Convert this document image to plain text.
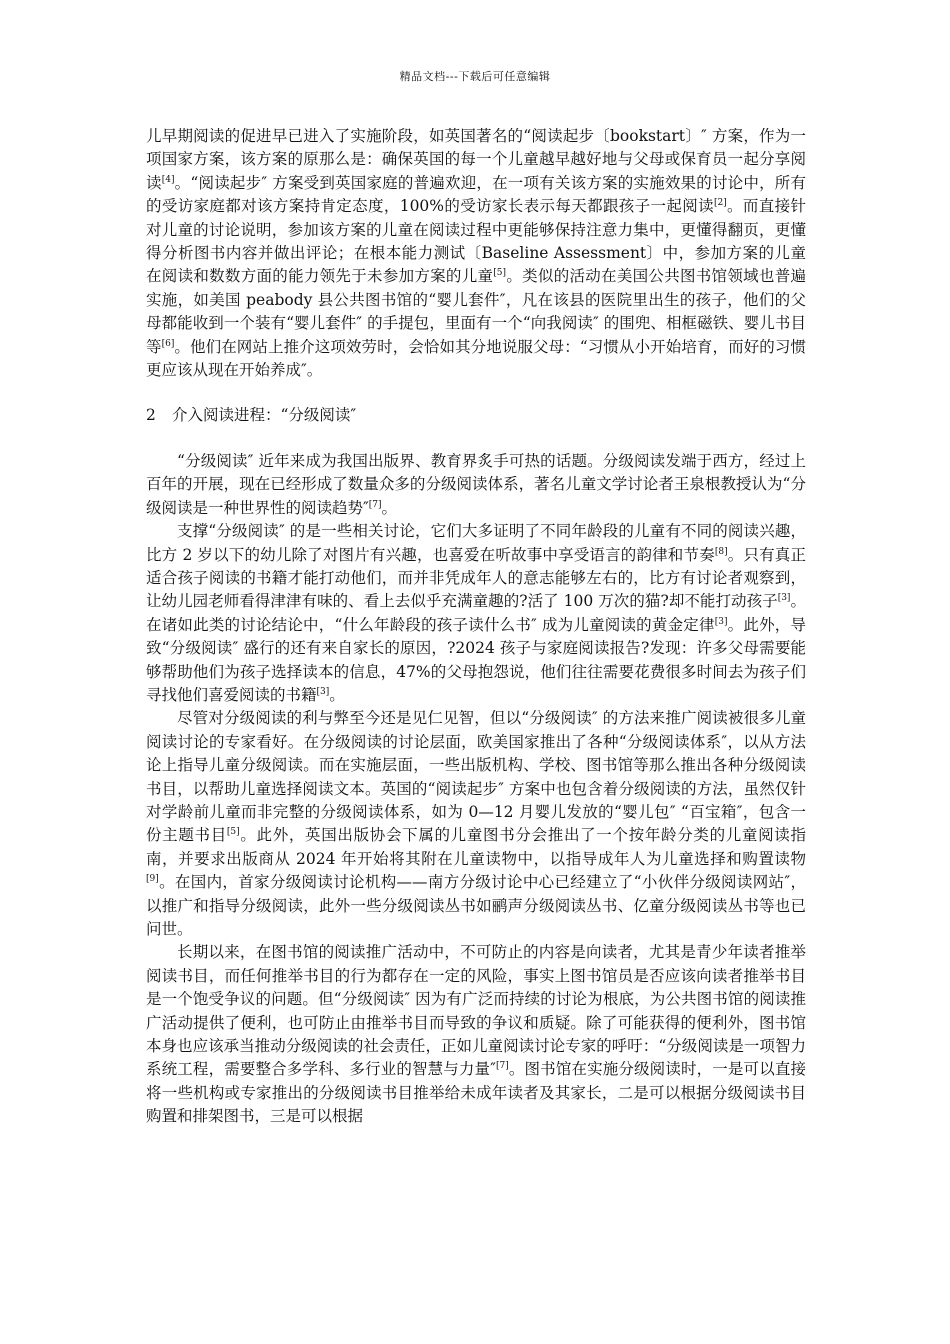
精品文档---下载后可任意编辑

儿早期阅读的促进早已进入了实施阶段，如英国著名的“阅读起步〔bookstart〕″ 方案，作为一项国家方案，该方案的原那么是：确保英国的每一个儿童越早越好地与父母或保育员一起分享阅读[4]。“阅读起步″ 方案受到英国家庭的普遍欢迎，在一项有关该方案的实施效果的讨论中，所有的受访家庭都对该方案持肯定态度，100%的受访家长表示每天都跟孩子一起阅读[2]。而直接针对儿童的讨论说明，参加该方案的儿童在阅读过程中更能够保持注意力集中，更懂得翻页，更懂得分析图书内容并做出评论；在根本能力测试〔Baseline Assessment〕中，参加方案的儿童在阅读和数数方面的能力领先于未参加方案的儿童[5]。类似的活动在美国公共图书馆领域也普遍实施，如美国 peabody 县公共图书馆的“婴儿套件″，凡在该县的医院里出生的孩子，他们的父母都能收到一个装有“婴儿套件″ 的手提包，里面有一个“向我阅读″ 的围兜、相框磁铁、婴儿书目等[6]。他们在网站上推介这项效劳时，会恰如其分地说服父母：“习惯从小开始培育，而好的习惯更应该从现在开始养成″。

2 介入阅读进程：“分级阅读″

“分级阅读″ 近年来成为我国出版界、教育界炙手可热的话题。分级阅读发端于西方，经过上百年的开展，现在已经形成了数量众多的分级阅读体系，著名儿童文学讨论者王泉根教授认为“分级阅读是一种世界性的阅读趋势″[7]。

支撑“分级阅读″ 的是一些相关讨论，它们大多证明了不同年龄段的儿童有不同的阅读兴趣，比方 2 岁以下的幼儿除了对图片有兴趣，也喜爱在听故事中享受语言的韵律和节奏[8]。只有真正适合孩子阅读的书籍才能打动他们，而并非凭成年人的意志能够左右的，比方有讨论者观察到，让幼儿园老师看得津津有味的、看上去似乎充满童趣的?活了 100 万次的猫?却不能打动孩子[3]。在诸如此类的讨论结论中，“什么年龄段的孩子读什么书″ 成为儿童阅读的黄金定律[3]。此外，导致“分级阅读″ 盛行的还有来自家长的原因，?2024 孩子与家庭阅读报告?发现：许多父母需要能够帮助他们为孩子选择读本的信息，47%的父母抱怨说，他们往往需要花费很多时间去为孩子们寻找他们喜爱阅读的书籍[3]。

尽管对分级阅读的利与弊至今还是见仁见智，但以“分级阅读″ 的方法来推广阅读被很多儿童阅读讨论的专家看好。在分级阅读的讨论层面，欧美国家推出了各种“分级阅读体系″，以从方法论上指导儿童分级阅读。而在实施层面，一些出版机构、学校、图书馆等那么推出各种分级阅读书目，以帮助儿童选择阅读文本。英国的“阅读起步″ 方案中也包含着分级阅读的方法，虽然仅针对学龄前儿童而非完整的分级阅读体系，如为 0—12 月婴儿发放的“婴儿包″ “百宝箱″，包含一份主题书目[5]。此外，英国出版协会下属的儿童图书分会推出了一个按年龄分类的儿童阅读指南，并要求出版商从 2024 年开始将其附在儿童读物中，以指导成年人为儿童选择和购置读物[9]。在国内，首家分级阅读讨论机构——南方分级讨论中心已经建立了“小伙伴分级阅读网站″，以推广和指导分级阅读，此外一些分级阅读丛书如鹂声分级阅读丛书、亿童分级阅读丛书等也已问世。

长期以来，在图书馆的阅读推广活动中，不可防止的内容是向读者，尤其是青少年读者推举阅读书目，而任何推举书目的行为都存在一定的风险，事实上图书馆员是否应该向读者推举书目是一个饱受争议的问题。但“分级阅读″ 因为有广泛而持续的讨论为根底，为公共图书馆的阅读推广活动提供了便利，也可防止由推举书目而导致的争议和质疑。除了可能获得的便利外，图书馆本身也应该承当推动分级阅读的社会责任，正如儿童阅读讨论专家的呼吁：“分级阅读是一项智力系统工程，需要整合多学科、多行业的智慧与力量″[7]。图书馆在实施分级阅读时，一是可以直接将一些机构或专家推出的分级阅读书目推举给未成年读者及其家长，二是可以根据分级阅读书目购置和排架图书，三是可以根据
